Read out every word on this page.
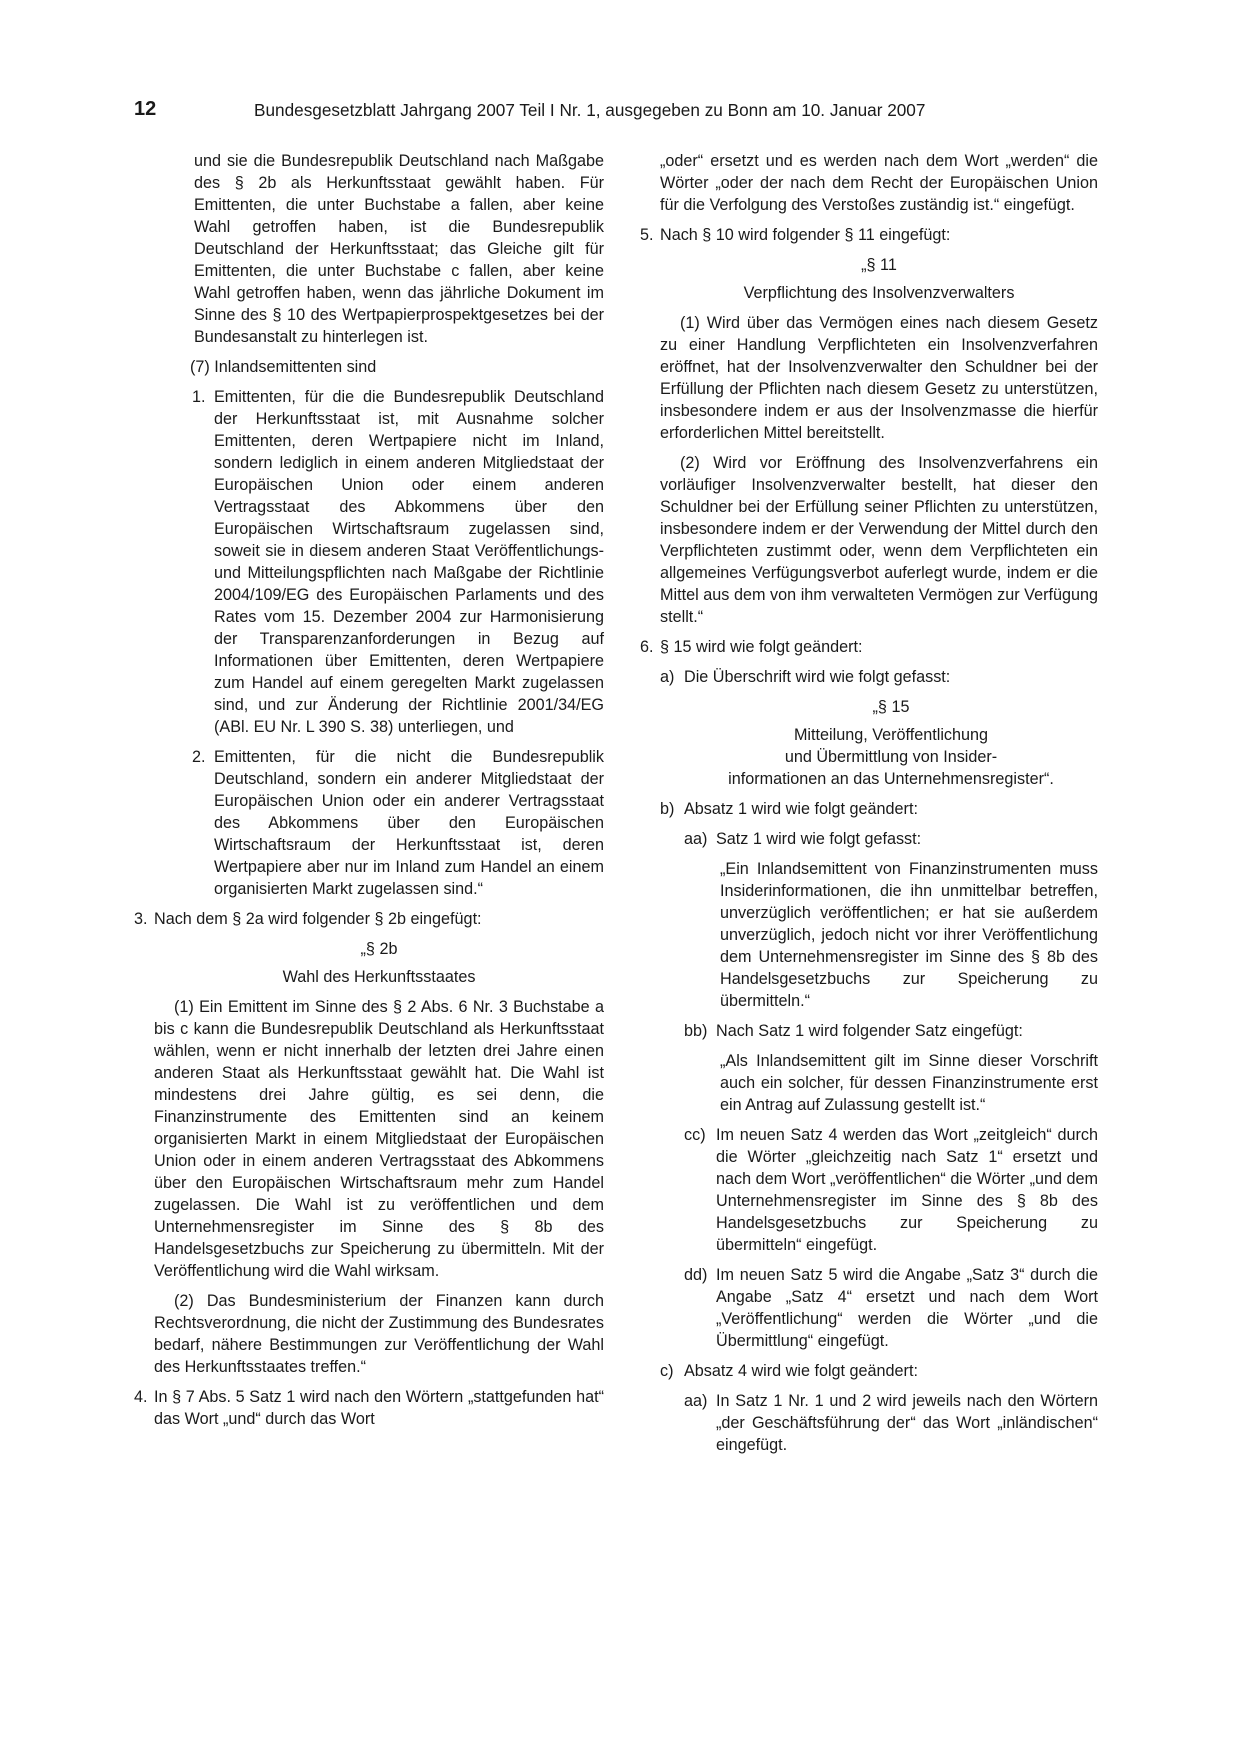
12	Bundesgesetzblatt Jahrgang 2007 Teil I Nr. 1, ausgegeben zu Bonn am 10. Januar 2007

und sie die Bundesrepublik Deutschland nach Maßgabe des § 2b als Herkunftsstaat gewählt haben. Für Emittenten, die unter Buchstabe a fallen, aber keine Wahl getroffen haben, ist die Bundesrepublik Deutschland der Herkunftsstaat; das Gleiche gilt für Emittenten, die unter Buchstabe c fallen, aber keine Wahl getroffen haben, wenn das jährliche Dokument im Sinne des § 10 des Wertpapierprospektgesetzes bei der Bundesanstalt zu hinterlegen ist.

(7) Inlandsemittenten sind

1. Emittenten, für die die Bundesrepublik Deutschland der Herkunftsstaat ist, mit Ausnahme solcher Emittenten, deren Wertpapiere nicht im Inland, sondern lediglich in einem anderen Mitgliedstaat der Europäischen Union oder einem anderen Vertragsstaat des Abkommens über den Europäischen Wirtschaftsraum zugelassen sind, soweit sie in diesem anderen Staat Veröffentlichungs- und Mitteilungspflichten nach Maßgabe der Richtlinie 2004/109/EG des Europäischen Parlaments und des Rates vom 15. Dezember 2004 zur Harmonisierung der Transparenzanforderungen in Bezug auf Informationen über Emittenten, deren Wertpapiere zum Handel auf einem geregelten Markt zugelassen sind, und zur Änderung der Richtlinie 2001/34/EG (ABl. EU Nr. L 390 S. 38) unterliegen, und
2. Emittenten, für die nicht die Bundesrepublik Deutschland, sondern ein anderer Mitgliedstaat der Europäischen Union oder ein anderer Vertragsstaat des Abkommens über den Europäischen Wirtschaftsraum der Herkunftsstaat ist, deren Wertpapiere aber nur im Inland zum Handel an einem organisierten Markt zugelassen sind.“
3. Nach dem § 2a wird folgender § 2b eingefügt:

„§ 2b

Wahl des Herkunftsstaates

(1) Ein Emittent im Sinne des § 2 Abs. 6 Nr. 3 Buchstabe a bis c kann die Bundesrepublik Deutschland als Herkunftsstaat wählen, wenn er nicht innerhalb der letzten drei Jahre einen anderen Staat als Herkunftsstaat gewählt hat. Die Wahl ist mindestens drei Jahre gültig, es sei denn, die Finanzinstrumente des Emittenten sind an keinem organisierten Markt in einem Mitgliedstaat der Europäischen Union oder in einem anderen Vertragsstaat des Abkommens über den Europäischen Wirtschaftsraum mehr zum Handel zugelassen. Die Wahl ist zu veröffentlichen und dem Unternehmensregister im Sinne des § 8b des Handelsgesetzbuchs zur Speicherung zu übermitteln. Mit der Veröffentlichung wird die Wahl wirksam.

(2) Das Bundesministerium der Finanzen kann durch Rechtsverordnung, die nicht der Zustimmung des Bundesrates bedarf, nähere Bestimmungen zur Veröffentlichung der Wahl des Herkunftsstaates treffen.“

4. In § 7 Abs. 5 Satz 1 wird nach den Wörtern „stattgefunden hat“ das Wort „und“ durch das Wort

„oder“ ersetzt und es werden nach dem Wort „werden“ die Wörter „oder der nach dem Recht der Europäischen Union für die Verfolgung des Verstoßes zuständig ist.“ eingefügt.

5. Nach § 10 wird folgender § 11 eingefügt:

„§ 11

Verpflichtung des Insolvenzverwalters

(1) Wird über das Vermögen eines nach diesem Gesetz zu einer Handlung Verpflichteten ein Insolvenzverfahren eröffnet, hat der Insolvenzverwalter den Schuldner bei der Erfüllung der Pflichten nach diesem Gesetz zu unterstützen, insbesondere indem er aus der Insolvenzmasse die hierfür erforderlichen Mittel bereitstellt.

(2) Wird vor Eröffnung des Insolvenzverfahrens ein vorläufiger Insolvenzverwalter bestellt, hat dieser den Schuldner bei der Erfüllung seiner Pflichten zu unterstützen, insbesondere indem er der Verwendung der Mittel durch den Verpflichteten zustimmt oder, wenn dem Verpflichteten ein allgemeines Verfügungsverbot auferlegt wurde, indem er die Mittel aus dem von ihm verwalteten Vermögen zur Verfügung stellt.“

6. § 15 wird wie folgt geändert:
a) Die Überschrift wird wie folgt gefasst:

„§ 15

Mitteilung, Veröffentlichung

und Übermittlung von Insider-

informationen an das Unternehmensregister“.

b) Absatz 1 wird wie folgt geändert:
aa) Satz 1 wird wie folgt gefasst:

„Ein Inlandsemittent von Finanzinstrumenten muss Insiderinformationen, die ihn unmittelbar betreffen, unverzüglich veröffentlichen; er hat sie außerdem unverzüglich, jedoch nicht vor ihrer Veröffentlichung dem Unternehmensregister im Sinne des § 8b des Handelsgesetzbuchs zur Speicherung zu übermitteln.“

bb) Nach Satz 1 wird folgender Satz eingefügt:

„Als Inlandsemittent gilt im Sinne dieser Vorschrift auch ein solcher, für dessen Finanzinstrumente erst ein Antrag auf Zulassung gestellt ist.“

cc) Im neuen Satz 4 werden das Wort „zeitgleich“ durch die Wörter „gleichzeitig nach Satz 1“ ersetzt und nach dem Wort „veröffentlichen“ die Wörter „und dem Unternehmensregister im Sinne des § 8b des Handelsgesetzbuchs zur Speicherung zu übermitteln“ eingefügt.
dd) Im neuen Satz 5 wird die Angabe „Satz 3“ durch die Angabe „Satz 4“ ersetzt und nach dem Wort „Veröffentlichung“ werden die Wörter „und die Übermittlung“ eingefügt.
c) Absatz 4 wird wie folgt geändert:
aa) In Satz 1 Nr. 1 und 2 wird jeweils nach den Wörtern „der Geschäftsführung der“ das Wort „inländischen“ eingefügt.
